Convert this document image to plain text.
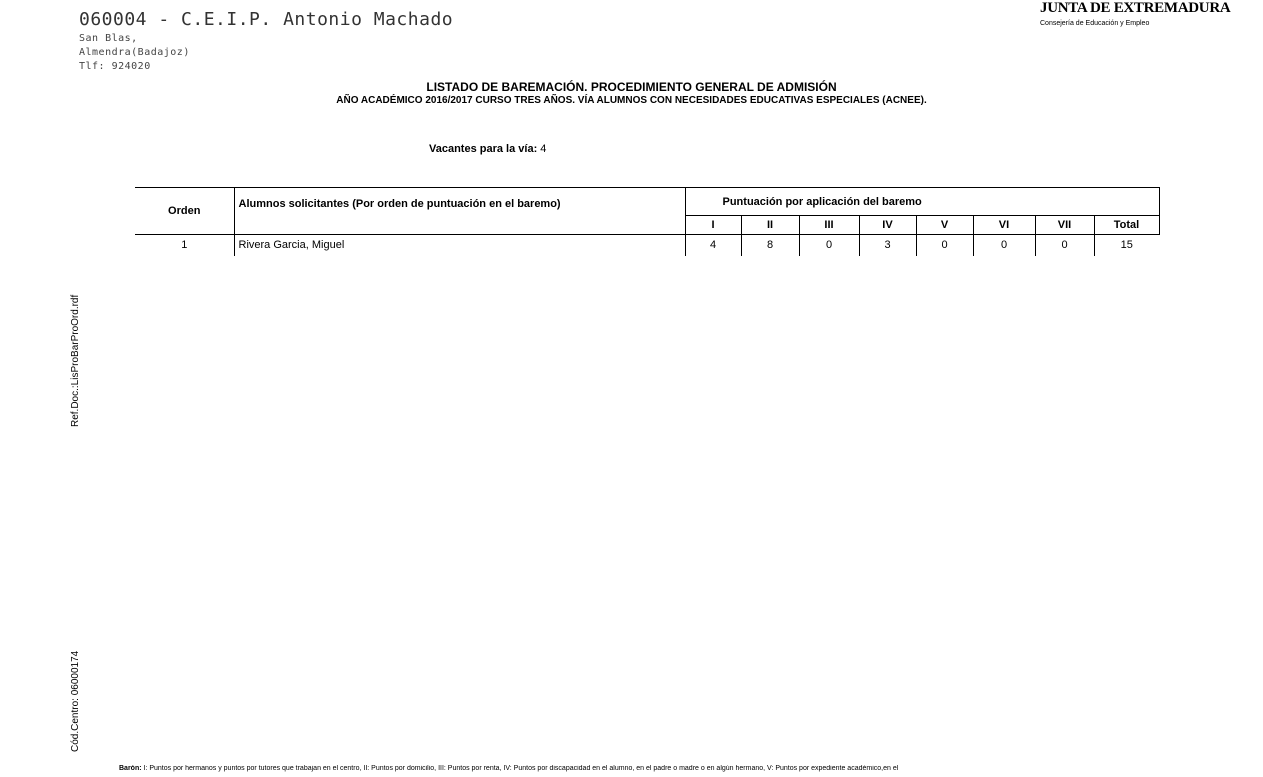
060004 - C.E.I.P. Antonio Machado
San Blas,
Almendra(Badajoz)
Tlf: 924020
JUNTA DE EXTREMADURA
Consejería de Educación y Empleo
LISTADO DE BAREMACIÓN. PROCEDIMIENTO GENERAL DE ADMISIÓN
AÑO ACADÉMICO 2016/2017 CURSO TRES AÑOS. VÍA ALUMNOS CON NECESIDADES EDUCATIVAS ESPECIALES (ACNEE).
Vacantes para la vía: 4
Orden	Alumnos solicitantes (Por orden de puntuación en el baremo)	Puntuación por aplicación del baremo							
		I	II	III	IV	V	VI	VII	Total
1	Rivera Garcia, Miguel	4	8	0	3	0	0	0	15
Ref.Doc.:LisProBarProOrd.rdf
Cód.Centro: 06000174
Barón: I: Puntos por hermanos y puntos por tutores que trabajan en el centro, II: Puntos por domicilio, III: Puntos por renta, IV: Puntos por discapacidad en el alumno, en el padre o madre o en algún hermano, V: Puntos por expediente académico,en el
